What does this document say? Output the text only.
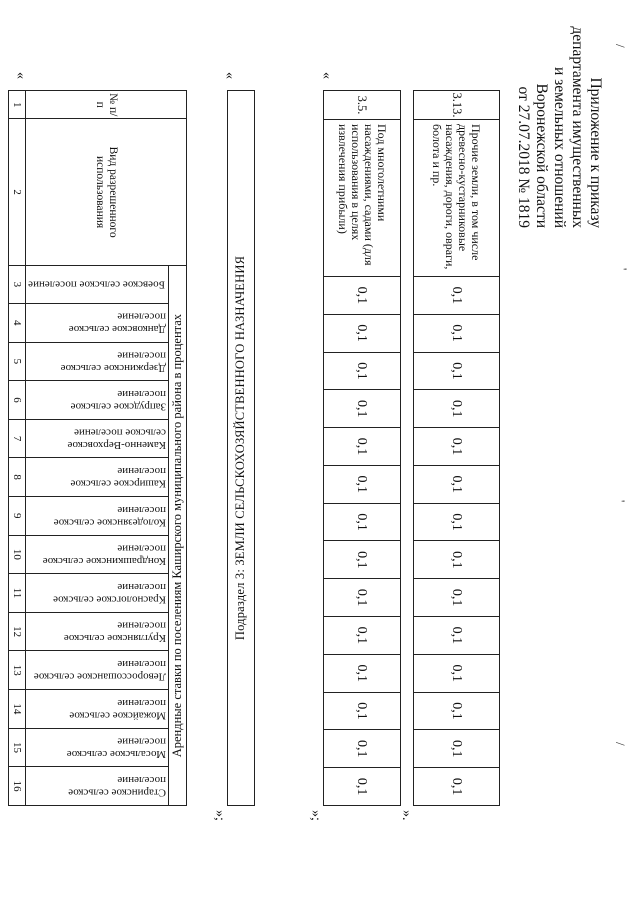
Приложение к приказу
департамента имущественных
и земельных отношений
Воронежской области
от 27.07.2018 № 1819
№ п/п	Вид разрешенного использования	Арендные ставки по поселениям Каширского муниципального района в процентах													

		Боевское сельское поселение	Данковское сельское поселение	Дзержинское сельское поселение	Запрудское сельское поселение	Каменно-Верховское сельское поселение	Каширское сельское поселение	Колодезянское сельское поселение	Кондрашкинское сельское поселение	Краснологское сельское поселение	Круглянское сельское поселение	Левороссошанское сельское поселение	Можайское сельское поселение	Мосальское сельское поселение	Старинское сельское поселение

1	2	3	4	5	6	7	8	9	10	11	12	13	14	15	16
Подраздел 3: ЗЕМЛИ СЕЛЬСКОХОЗЯЙСТВЕННОГО НАЗНАЧЕНИЯ
3.5.	Под многолетними насаждениями, садами (для использования в целях извлечения прибыли)	0,1	0,1	0,1	0,1	0,1	0,1	0,1	0,1	0,1	0,1	0,1	0,1	0,1	0,1
3.13.	Прочие земли, в том числе древесно-кустарниковые насаждения, дороги, овраги, болота и пр.	0,1	0,1	0,1	0,1	0,1	0,1	0,1	0,1	0,1	0,1	0,1	0,1	0,1	0,1
«	«	«
»;	»;	».
/
'
'
/
